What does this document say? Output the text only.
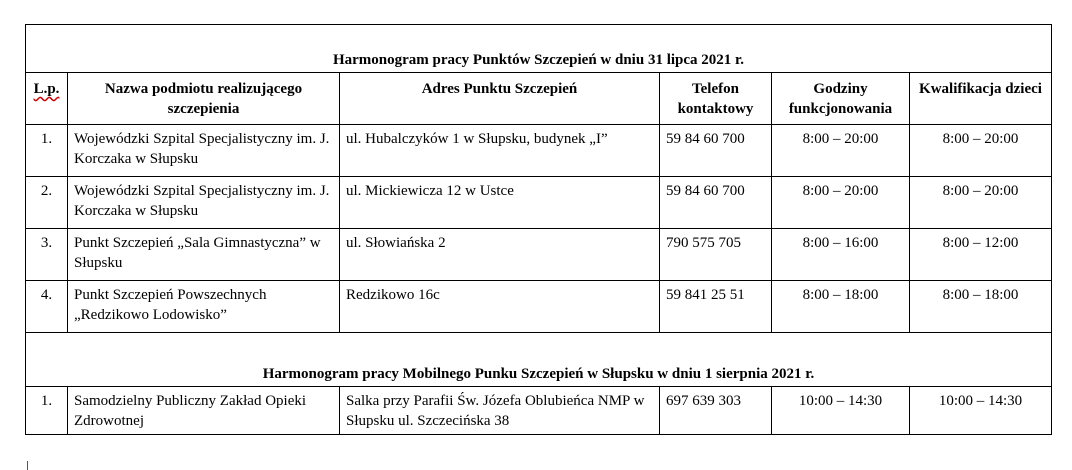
Harmonogram pracy Punktów Szczepień w dniu 31 lipca 2021 r.					
L.p.	Nazwa podmiotu realizującego szczepienia	Adres Punktu Szczepień	Telefon kontaktowy	Godziny funkcjonowania	Kwalifikacja dzieci
1.	Wojewódzki Szpital Specjalistyczny im. J. Korczaka w Słupsku	ul. Hubalczyków 1 w Słupsku, budynek „I”	59 84 60 700	8:00 – 20:00	8:00 – 20:00
2.	Wojewódzki Szpital Specjalistyczny im. J. Korczaka w Słupsku	ul. Mickiewicza 12 w Ustce	59 84 60 700	8:00 – 20:00	8:00 – 20:00
3.	Punkt Szczepień „Sala Gimnastyczna” w Słupsku	ul. Słowiańska 2	790 575 705	8:00 – 16:00	8:00 – 12:00
4.	Punkt Szczepień Powszechnych „Redzikowo Lodowisko”	Redzikowo 16c	59 841 25 51	8:00 – 18:00	8:00 – 18:00
Harmonogram pracy Mobilnego Punku Szczepień w Słupsku w dniu 1 sierpnia 2021 r.					
1.	Samodzielny Publiczny Zakład Opieki Zdrowotnej	Salka przy Parafii Św. Józefa Oblubieńca NMP w Słupsku ul. Szczecińska 38	697 639 303	10:00 – 14:30	10:00 – 14:30
